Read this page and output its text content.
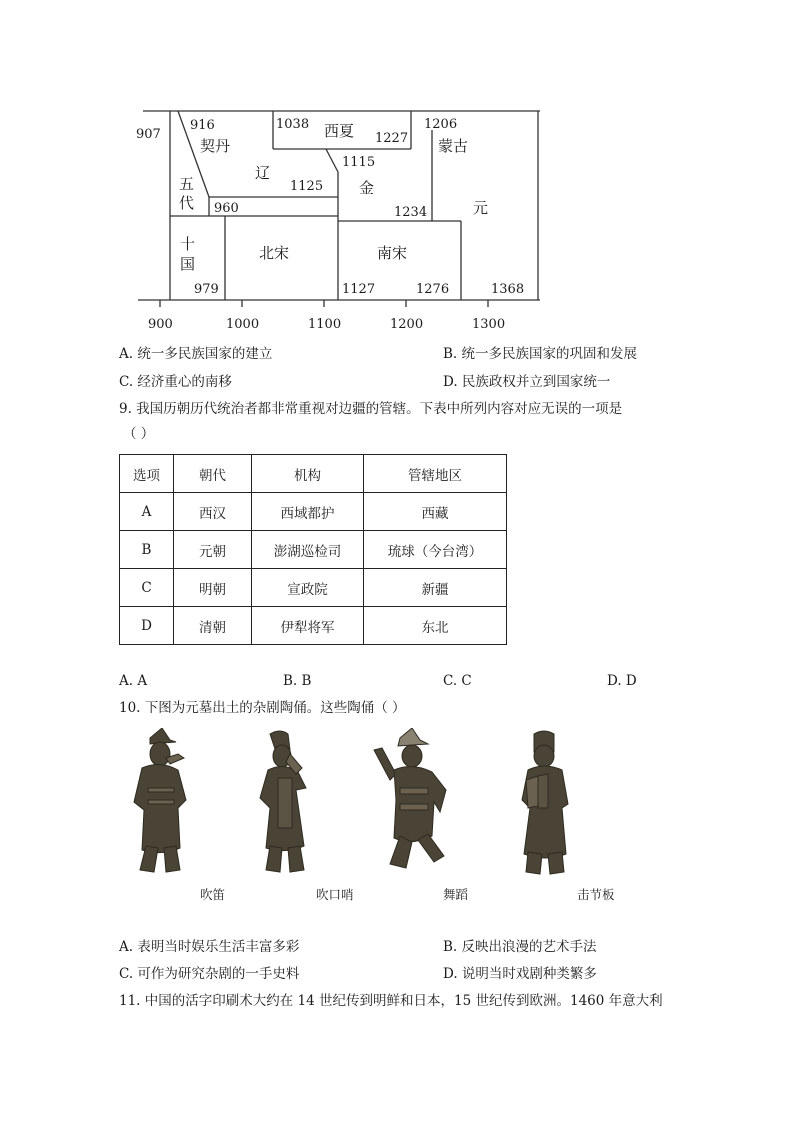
907
916
契丹
1038 西夏 1227
1206
蒙古
五
代
辽
1115
金
1125
1234	元
960
十
国
北宋	南宋
979	1127	1276	1368
900	1000	1100	1200	1300
A. 统一多民族国家的建立	B. 统一多民族国家的巩固和发展
C. 经济重心的南移	D. 民族政权并立到国家统一
9. 我国历朝历代统治者都非常重视对边疆的管辖。下表中所列内容对应无误的一项是
（ ）
选项	朝代	机构	管辖地区
A	西汉	西域都护	西藏
B	元朝	澎湖巡检司	琉球（今台湾）
C	明朝	宣政院	新疆
D	清朝	伊犁将军	东北
A. A	B. B	C. C	D. D
10. 下图为元墓出土的杂剧陶俑。这些陶俑（ ）
吹笛	吹口哨	舞蹈	击节板
A. 表明当时娱乐生活丰富多彩	B. 反映出浪漫的艺术手法
C. 可作为研究杂剧的一手史料	D. 说明当时戏剧种类繁多
11. 中国的活字印刷术大约在 14 世纪传到明鲜和日本，15 世纪传到欧洲。1460 年意大利
